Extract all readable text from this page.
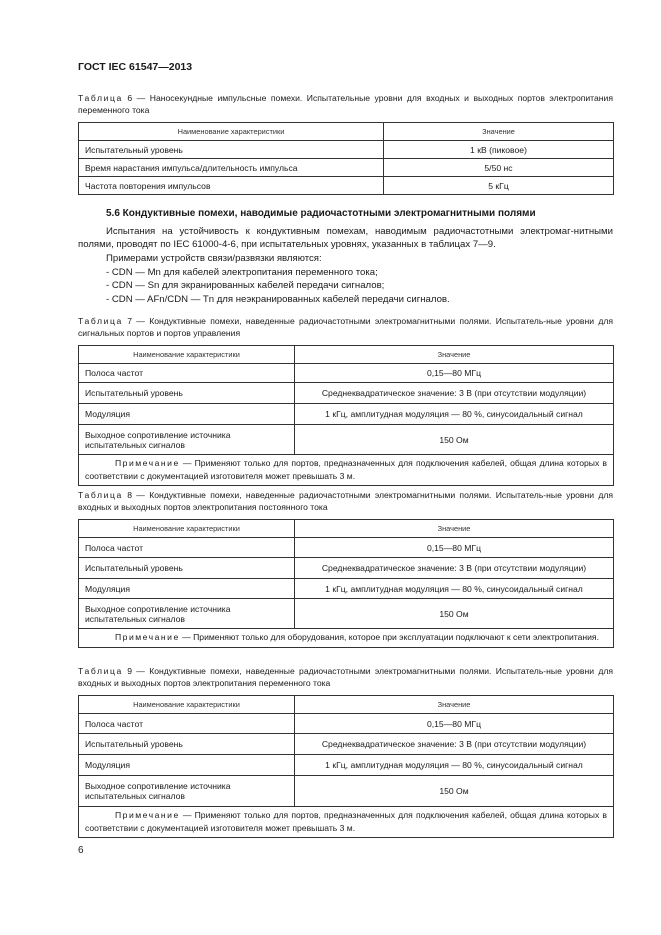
ГОСТ IEC 61547—2013
Таблица 6 — Наносекундные импульсные помехи. Испытательные уровни для входных и выходных портов электропитания переменного тока
Наименование характеристики	Значение
Испытательный уровень	1 кВ (пиковое)
Время нарастания импульса/длительность импульса	5/50 нс
Частота повторения импульсов	5 кГц
5.6 Кондуктивные помехи, наводимые радиочастотными электромагнитными полями

Испытания на устойчивость к кондуктивным помехам, наводимым радиочастотными электромаг-нитными полями, проводят по IEC 61000-4-6, при испытательных уровнях, указанных в таблицах 7—9.

Примерами устройств связи/развязки являются:

- CDN — Mn для кабелей электропитания переменного тока;
- CDN — Sn для экранированных кабелей передачи сигналов;
- CDN — AFn/CDN — Tn для неэкранированных кабелей передачи сигналов.
Таблица 7 — Кондуктивные помехи, наведенные радиочастотными электромагнитными полями. Испытатель-ные уровни для сигнальных портов и портов управления
Наименование характеристики	Значение
Полоса частот	0,15—80 МГц
Испытательный уровень	Среднеквадратическое значение: 3 В (при отсутствии модуляции)
Модуляция	1 кГц, амплитудная модуляция — 80 %, синусоидальный сигнал
Выходное сопротивление источника испытательных сигналов	150 Ом
Примечание — Применяют только для портов, предназначенных для подключения кабелей, общая длина которых в соответствии с документацией изготовителя может превышать 3 м.	
Таблица 8 — Кондуктивные помехи, наведенные радиочастотными электромагнитными полями. Испытатель-ные уровни для входных и выходных портов электропитания постоянного тока
Наименование характеристики	Значение
Полоса частот	0,15—80 МГц
Испытательный уровень	Среднеквадратическое значение: 3 В (при отсутствии модуляции)
Модуляция	1 кГц, амплитудная модуляция — 80 %, синусоидальный сигнал
Выходное сопротивление источника испытательных сигналов	150 Ом
Примечание — Применяют только для оборудования, которое при эксплуатации подключают к сети электропитания.	
Таблица 9 — Кондуктивные помехи, наведенные радиочастотными электромагнитными полями. Испытатель-ные уровни для входных и выходных портов электропитания переменного тока
Наименование характеристики	Значение
Полоса частот	0,15—80 МГц
Испытательный уровень	Среднеквадратическое значение: 3 В (при отсутствии модуляции)
Модуляция	1 кГц, амплитудная модуляция — 80 %, синусоидальный сигнал
Выходное сопротивление источника испытательных сигналов	150 Ом
Примечание — Применяют только для портов, предназначенных для подключения кабелей, общая длина которых в соответствии с документацией изготовителя может превышать 3 м.	
6
